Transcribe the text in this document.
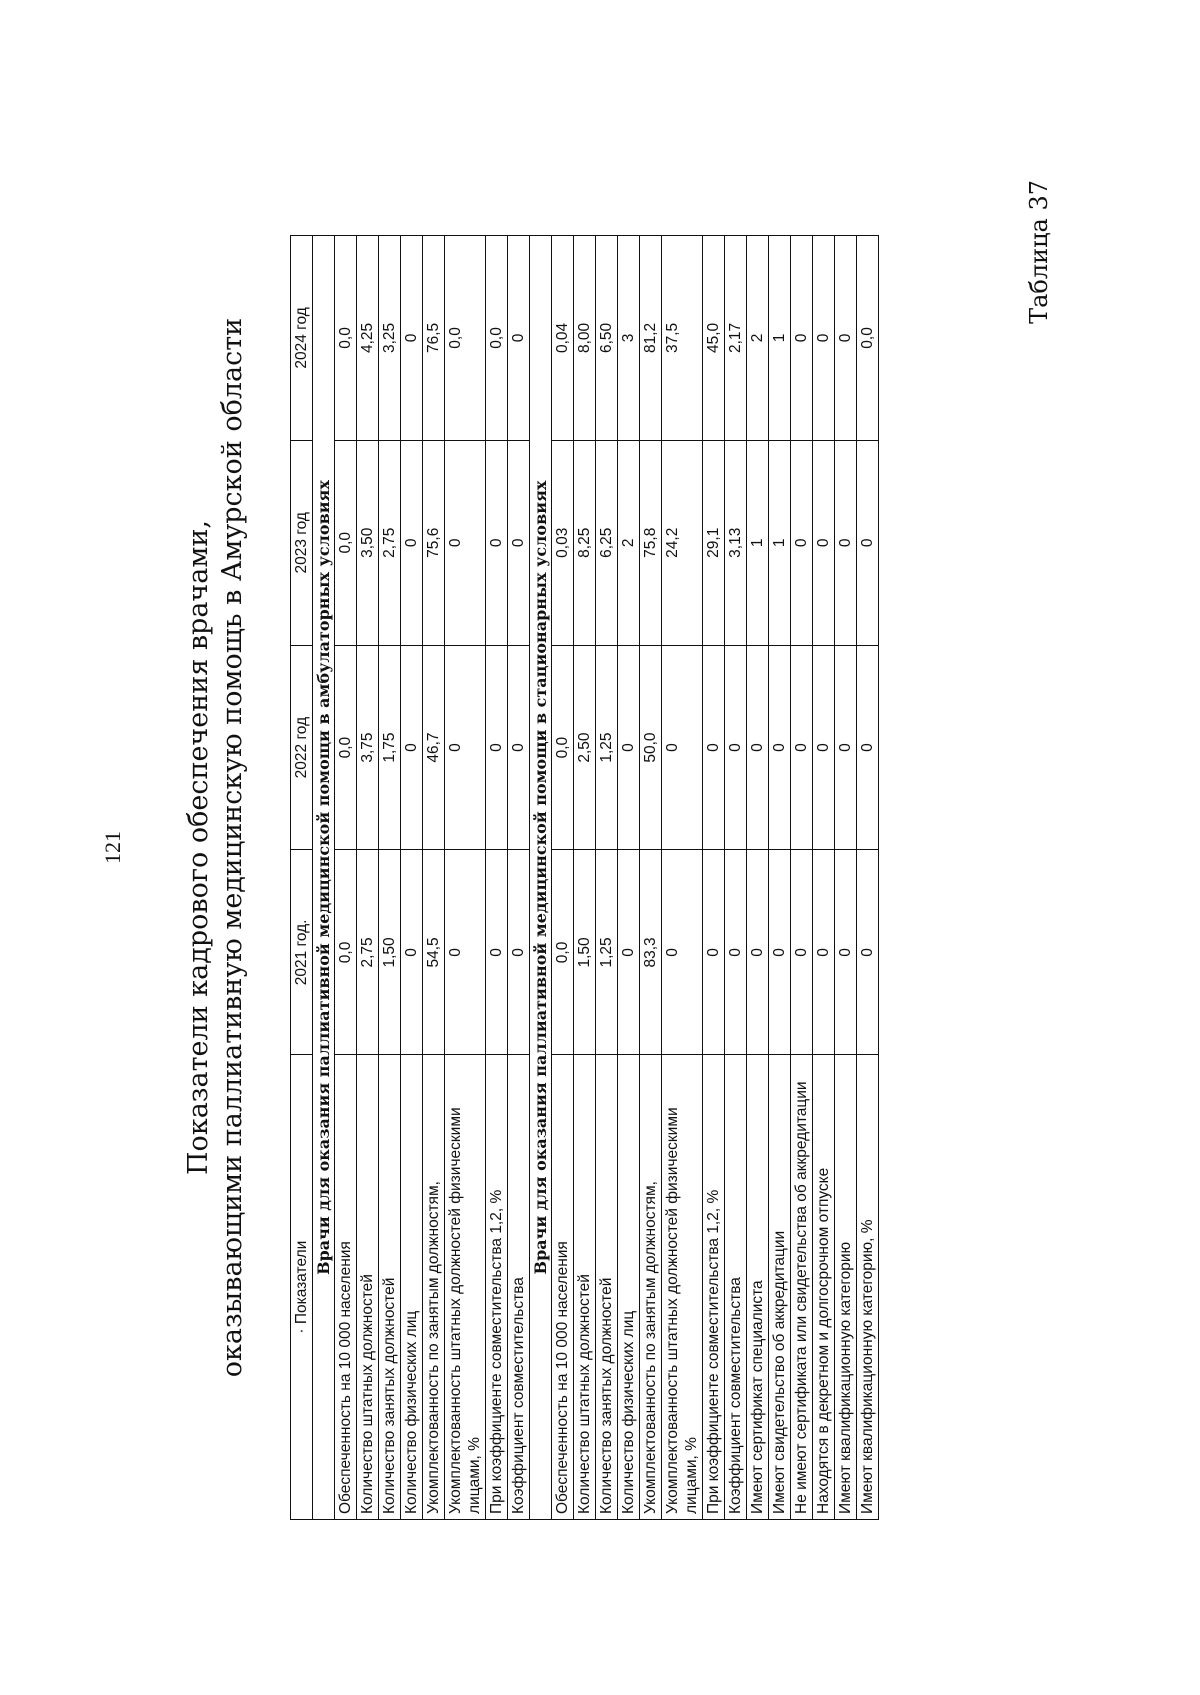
121 Показатели кадрового обеспечения врачами, оказывающими паллиативную медицинскую помощь в Амурской области	· Показатели	2021 год.	2022 год	2023 год	2024 год
Врачи для оказания паллиативной медицинской помощи в амбулаторных условиях				
Обеспеченность на 10 000 населения	0,0	0,0	0,0	0,0
Количество штатных должностей	2,75	3,75	3,50	4,25
Количество занятых должностей	1,50	1,75	2,75	3,25
Количество физических лиц	0	0	0	0
Укомплектованность по занятым должностям,	54,5	46,7	75,6	76,5
Укомплектованность штатных должностей физическими лицами, %	0	0	0	0,0
При коэффициенте совместительства 1,2, %	0	0	0	0,0
Коэффициент совместительства	0	0	0	0
Врачи для оказания паллиативной медицинской помощи в стационарных условиях				
Обеспеченность на 10 000 населения	0,0	0,0	0,03	0,04
Количество штатных должностей	1,50	2,50	8,25	8,00
Количество занятых должностей	1,25	1,25	6,25	6,50
Количество физических лиц	0	0	2	3
Укомплектованность по занятым должностям,	83,3	50,0	75,8	81,2
Укомплектованность штатных должностей физическими лицами, %	0	0	24,2	37,5
При коэффициенте совместительства 1,2, %	0	0	29,1	45,0
Коэффициент совместительства	0	0	3,13	2,17
Имеют сертификат специалиста	0	0	1	2
Имеют свидетельство об аккредитации	0	0	1	1
Не имеют сертификата или свидетельства об аккредитации	0	0	0	0
Находятся в декретном и долгосрочном отпуске	0	0	0	0
Имеют квалификационную категорию	0	0	0	0
Имеют квалификационную категорию, %	0	0	0	0,0
Таблица 37
